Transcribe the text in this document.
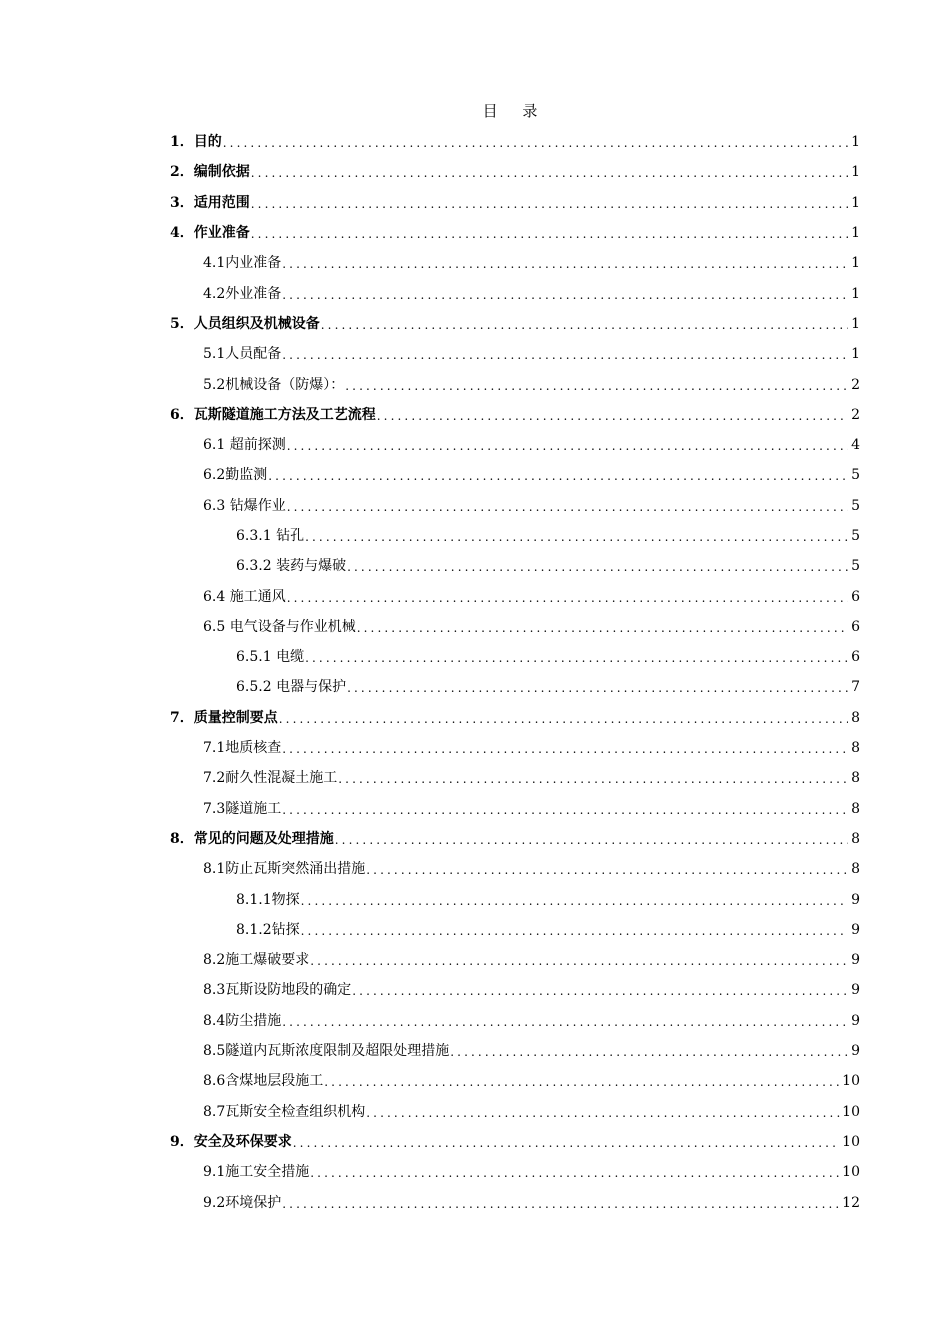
目 录
1．目的 .....	1
2．编制依据 .....	1
3．适用范围 .....	1
4．作业准备 .....	1
4.1内业准备 .....	1
4.2外业准备 .....	1
5．人员组织及机械设备 .....	1
5.1人员配备 .....	1
5.2机械设备（防爆）： .....	2
6．瓦斯隧道施工方法及工艺流程 .....	2
6.1 超前探测 .....	4
6.2勤监测 .....	5
6.3 钻爆作业 .....	5
6.3.1 钻孔 .....	5
6.3.2 装药与爆破 .....	5
6.4 施工通风 .....	6
6.5 电气设备与作业机械 .....	6
6.5.1 电缆 .....	6
6.5.2 电器与保护 .....	7
7．质量控制要点 .....	8
7.1地质核查 .....	8
7.2耐久性混凝土施工 .....	8
7.3隧道施工 .....	8
8．常见的问题及处理措施 .....	8
8.1防止瓦斯突然涌出措施 .....	8
8.1.1物探 .....	9
8.1.2钻探 .....	9
8.2施工爆破要求 .....	9
8.3瓦斯设防地段的确定 .....	9
8.4防尘措施 .....	9
8.5隧道内瓦斯浓度限制及超限处理措施 .....	9
8.6含煤地层段施工 .....	10
8.7瓦斯安全检查组织机构 .....	10
9．安全及环保要求 .....	10
9.1施工安全措施 .....	10
9.2环境保护 .....	12
